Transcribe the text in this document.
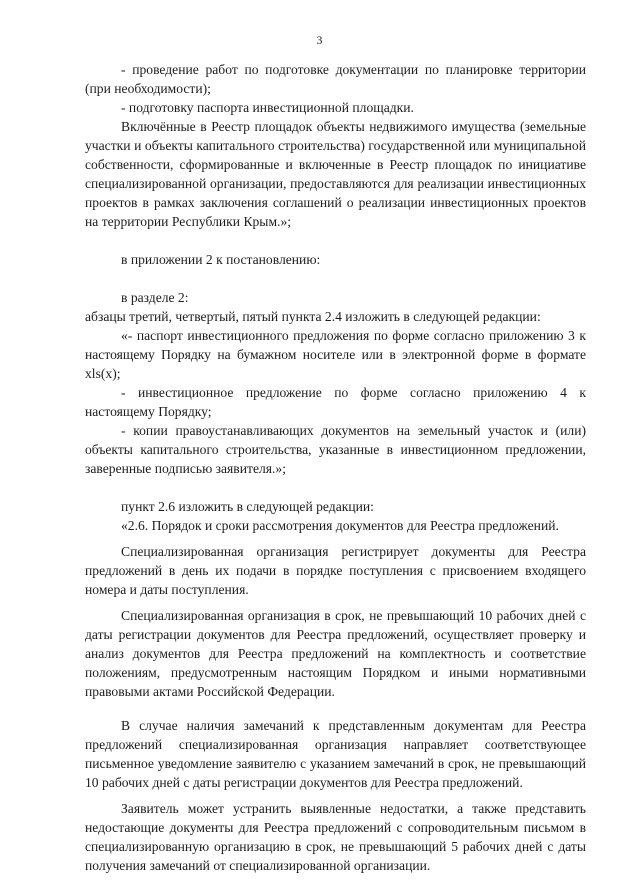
3

- проведение работ по подготовке документации по планировке территории (при необходимости);

- подготовку паспорта инвестиционной площадки.

Включённые в Реестр площадок объекты недвижимого имущества (земельные участки и объекты капитального строительства) государственной или муниципальной собственности, сформированные и включенные в Реестр площадок по инициативе специализированной организации, предоставляются для реализации инвестиционных проектов в рамках заключения соглашений о реализации инвестиционных проектов на территории Республики Крым.»;

в приложении 2 к постановлению:

в разделе 2:

абзацы третий, четвертый, пятый пункта 2.4 изложить в следующей редакции:

«- паспорт инвестиционного предложения по форме согласно приложению 3 к настоящему Порядку на бумажном носителе или в электронной форме в формате xls(x);

- инвестиционное предложение по форме согласно приложению 4 к настоящему Порядку;

- копии правоустанавливающих документов на земельный участок и (или) объекты капитального строительства, указанные в инвестиционном предложении, заверенные подписью заявителя.»;

пункт 2.6 изложить в следующей редакции:

«2.6. Порядок и сроки рассмотрения документов для Реестра предложений.

Специализированная организация регистрирует документы для Реестра предложений в день их подачи в порядке поступления с присвоением входящего номера и даты поступления.

Специализированная организация в срок, не превышающий 10 рабочих дней с даты регистрации документов для Реестра предложений, осуществляет проверку и анализ документов для Реестра предложений на комплектность и соответствие положениям, предусмотренным настоящим Порядком и иными нормативными правовыми актами Российской Федерации.

В случае наличия замечаний к представленным документам для Реестра предложений специализированная организация направляет соответствующее письменное уведомление заявителю с указанием замечаний в срок, не превышающий 10 рабочих дней с даты регистрации документов для Реестра предложений.

Заявитель может устранить выявленные недостатки, а также представить недостающие документы для Реестра предложений с сопроводительным письмом в специализированную организацию в срок, не превышающий 5 рабочих дней с даты получения замечаний от специализированной организации.
